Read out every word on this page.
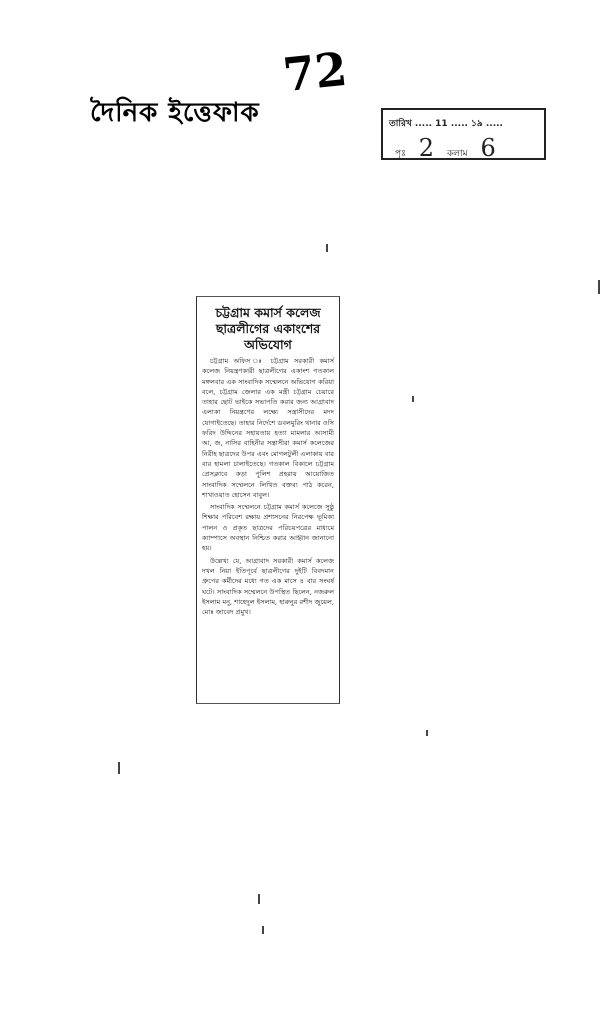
দৈনিক ইত্তেফাক
72
তারিখ ..... 11 ..... ১৯ .....
পৃঃ 2 কলাম 6
চট্টগ্রাম কমার্স কলেজ ছাত্রলীগের একাংশের অভিযোগ

চট্টগ্রাম অফিস ঃ চট্টগ্রাম সরকারী কমার্স কলেজ নিয়ন্ত্রণকারী ছাত্রলীগের একাংশ গতকাল মঙ্গলবার এক সাংবাদিক সম্মেলনে অভিযোগ করিয়া বলে, চট্টগ্রাম জেলার এক মন্ত্রী চট্টগ্রাম চেয়ারে তাহার ছোট ভাইকে সভাপতি করার জন্য আগ্রাবাদ এলাকা নিয়ন্ত্রণের লক্ষ্যে সন্ত্রাসীদের মদদ যোগাইতেছে। তাহার নির্দেশে ডবলমুরিং থানার ওসি ফরিদ উদ্দিনের সহায়তায় হত্যা মামলার আসামী আ, জ, নাসির বাহিনীর সন্ত্রাসীরা কমার্স কলেজের নিরীহ ছাত্রদের উপর এবং মোগলটুলী এলাকায় বার বার হামলা চালাইতেছে। গতকাল বিকালে চট্টগ্রাম প্রেসক্লাবে কড়া পুলিশ প্রহরায় আয়োজিত সাংবাদিক সম্মেলনে লিখিত বক্তব্য পাঠ করেন, শাখাওয়াত হোসেন বাবুল।

সাংবাদিক সম্মেলনে চট্টগ্রাম কমার্স কলেজে সুষ্ঠু শিক্ষার পরিবেশ রক্ষায় প্রশাসনের নিরপেক্ষ ভূমিকা পালন ও প্রকৃত ছাত্রদের পরিচয়পত্রের মাধ্যমে ক্যাম্পাসে অবস্থান নিশ্চিত করার আহ্বান জানানো হয়।

উল্লেখ্য যে, আগ্রাবাদ সরকারী কমার্স কলেজ দখল নিয়া ইতিপূর্বে ছাত্রলীগের দুইটি বিবদমান গ্রুপের কর্মীদের মধ্যে গত এক মাসে ৪ বার সংঘর্ষ ঘটে। সাংবাদিক সম্মেলনে উপস্থিত ছিলেন, নজরুল ইসলাম মনু, শাহেদুল ইসলাম, হারুনুর রশীদ জুয়েল, মোঃ জাবেদ প্রমুখ।
